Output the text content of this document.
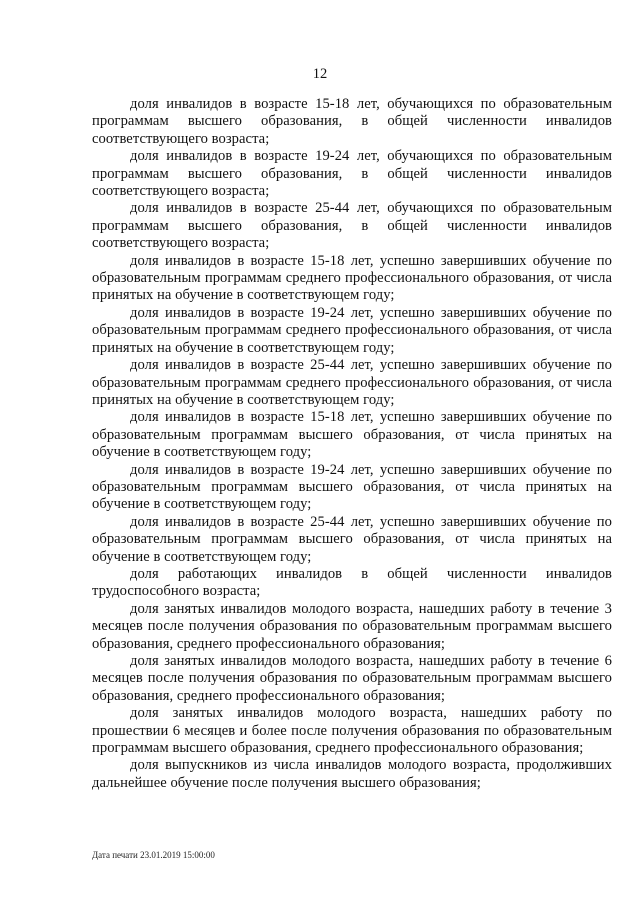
12

доля инвалидов в возрасте 15-18 лет, обучающихся по образовательным программам высшего образования, в общей численности инвалидов соответствующего возраста;

доля инвалидов в возрасте 19-24 лет, обучающихся по образовательным программам высшего образования, в общей численности инвалидов соответствующего возраста;

доля инвалидов в возрасте 25-44 лет, обучающихся по образовательным программам высшего образования, в общей численности инвалидов соответствующего возраста;

доля инвалидов в возрасте 15-18 лет, успешно завершивших обучение по образовательным программам среднего профессионального образования, от числа принятых на обучение в соответствующем году;

доля инвалидов в возрасте 19-24 лет, успешно завершивших обучение по образовательным программам среднего профессионального образования, от числа принятых на обучение в соответствующем году;

доля инвалидов в возрасте 25-44 лет, успешно завершивших обучение по образовательным программам среднего профессионального образования, от числа принятых на обучение в соответствующем году;

доля инвалидов в возрасте 15-18 лет, успешно завершивших обучение по образовательным программам высшего образования, от числа принятых на обучение в соответствующем году;

доля инвалидов в возрасте 19-24 лет, успешно завершивших обучение по образовательным программам высшего образования, от числа принятых на обучение в соответствующем году;

доля инвалидов в возрасте 25-44 лет, успешно завершивших обучение по образовательным программам высшего образования, от числа принятых на обучение в соответствующем году;

доля работающих инвалидов в общей численности инвалидов трудоспособного возраста;

доля занятых инвалидов молодого возраста, нашедших работу в течение 3 месяцев после получения образования по образовательным программам высшего образования, среднего профессионального образования;

доля занятых инвалидов молодого возраста, нашедших работу в течение 6 месяцев после получения образования по образовательным программам высшего образования, среднего профессионального образования;

доля занятых инвалидов молодого возраста, нашедших работу по прошествии 6 месяцев и более после получения образования по образовательным программам высшего образования, среднего профессионального образования;

доля выпускников из числа инвалидов молодого возраста, продолживших дальнейшее обучение после получения высшего образования;

Дата печати 23.01.2019 15:00:00
